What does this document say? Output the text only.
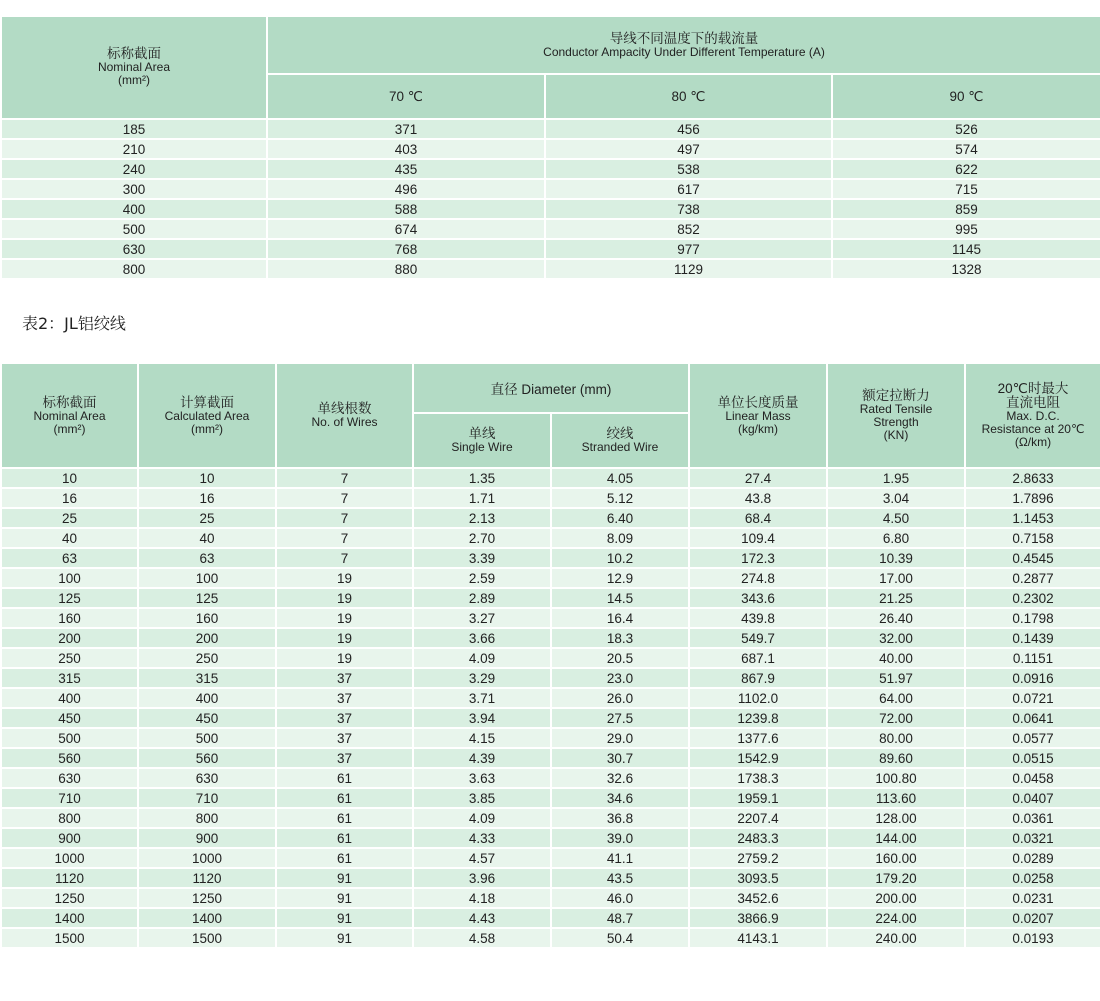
标称截面
Nominal Area
(mm²)	导线不同温度下的载流量
Conductor Ampacity Under Different Temperature (A)		

	70 ℃	80 ℃	90 ℃
185	371	456	526
210	403	497	574
240	435	538	622
300	496	617	715
400	588	738	859
500	674	852	995
630	768	977	1145
800	880	1129	1328
表2：JL铝绞线
标称截面
Nominal Area
(mm²)	计算截面
Calculated Area
(mm²)	单线根数
No. of Wires	直径 Diameter (mm)		单位长度质量
Linear Mass
(kg/km)	额定拉断力
Rated Tensile Strength
(KN)	20℃时最大
直流电阻
Max. D.C. Resistance at 20℃
(Ω/km)

			单线
Single Wire	绞线
Stranded Wire			

10	10	7	1.35	4.05	27.4	1.95	2.8633
16	16	7	1.71	5.12	43.8	3.04	1.7896
25	25	7	2.13	6.40	68.4	4.50	1.1453
40	40	7	2.70	8.09	109.4	6.80	0.7158
63	63	7	3.39	10.2	172.3	10.39	0.4545
100	100	19	2.59	12.9	274.8	17.00	0.2877
125	125	19	2.89	14.5	343.6	21.25	0.2302
160	160	19	3.27	16.4	439.8	26.40	0.1798
200	200	19	3.66	18.3	549.7	32.00	0.1439
250	250	19	4.09	20.5	687.1	40.00	0.1151
315	315	37	3.29	23.0	867.9	51.97	0.0916
400	400	37	3.71	26.0	1102.0	64.00	0.0721
450	450	37	3.94	27.5	1239.8	72.00	0.0641
500	500	37	4.15	29.0	1377.6	80.00	0.0577
560	560	37	4.39	30.7	1542.9	89.60	0.0515
630	630	61	3.63	32.6	1738.3	100.80	0.0458
710	710	61	3.85	34.6	1959.1	113.60	0.0407
800	800	61	4.09	36.8	2207.4	128.00	0.0361
900	900	61	4.33	39.0	2483.3	144.00	0.0321
1000	1000	61	4.57	41.1	2759.2	160.00	0.0289
1120	1120	91	3.96	43.5	3093.5	179.20	0.0258
1250	1250	91	4.18	46.0	3452.6	200.00	0.0231
1400	1400	91	4.43	48.7	3866.9	224.00	0.0207
1500	1500	91	4.58	50.4	4143.1	240.00	0.0193
